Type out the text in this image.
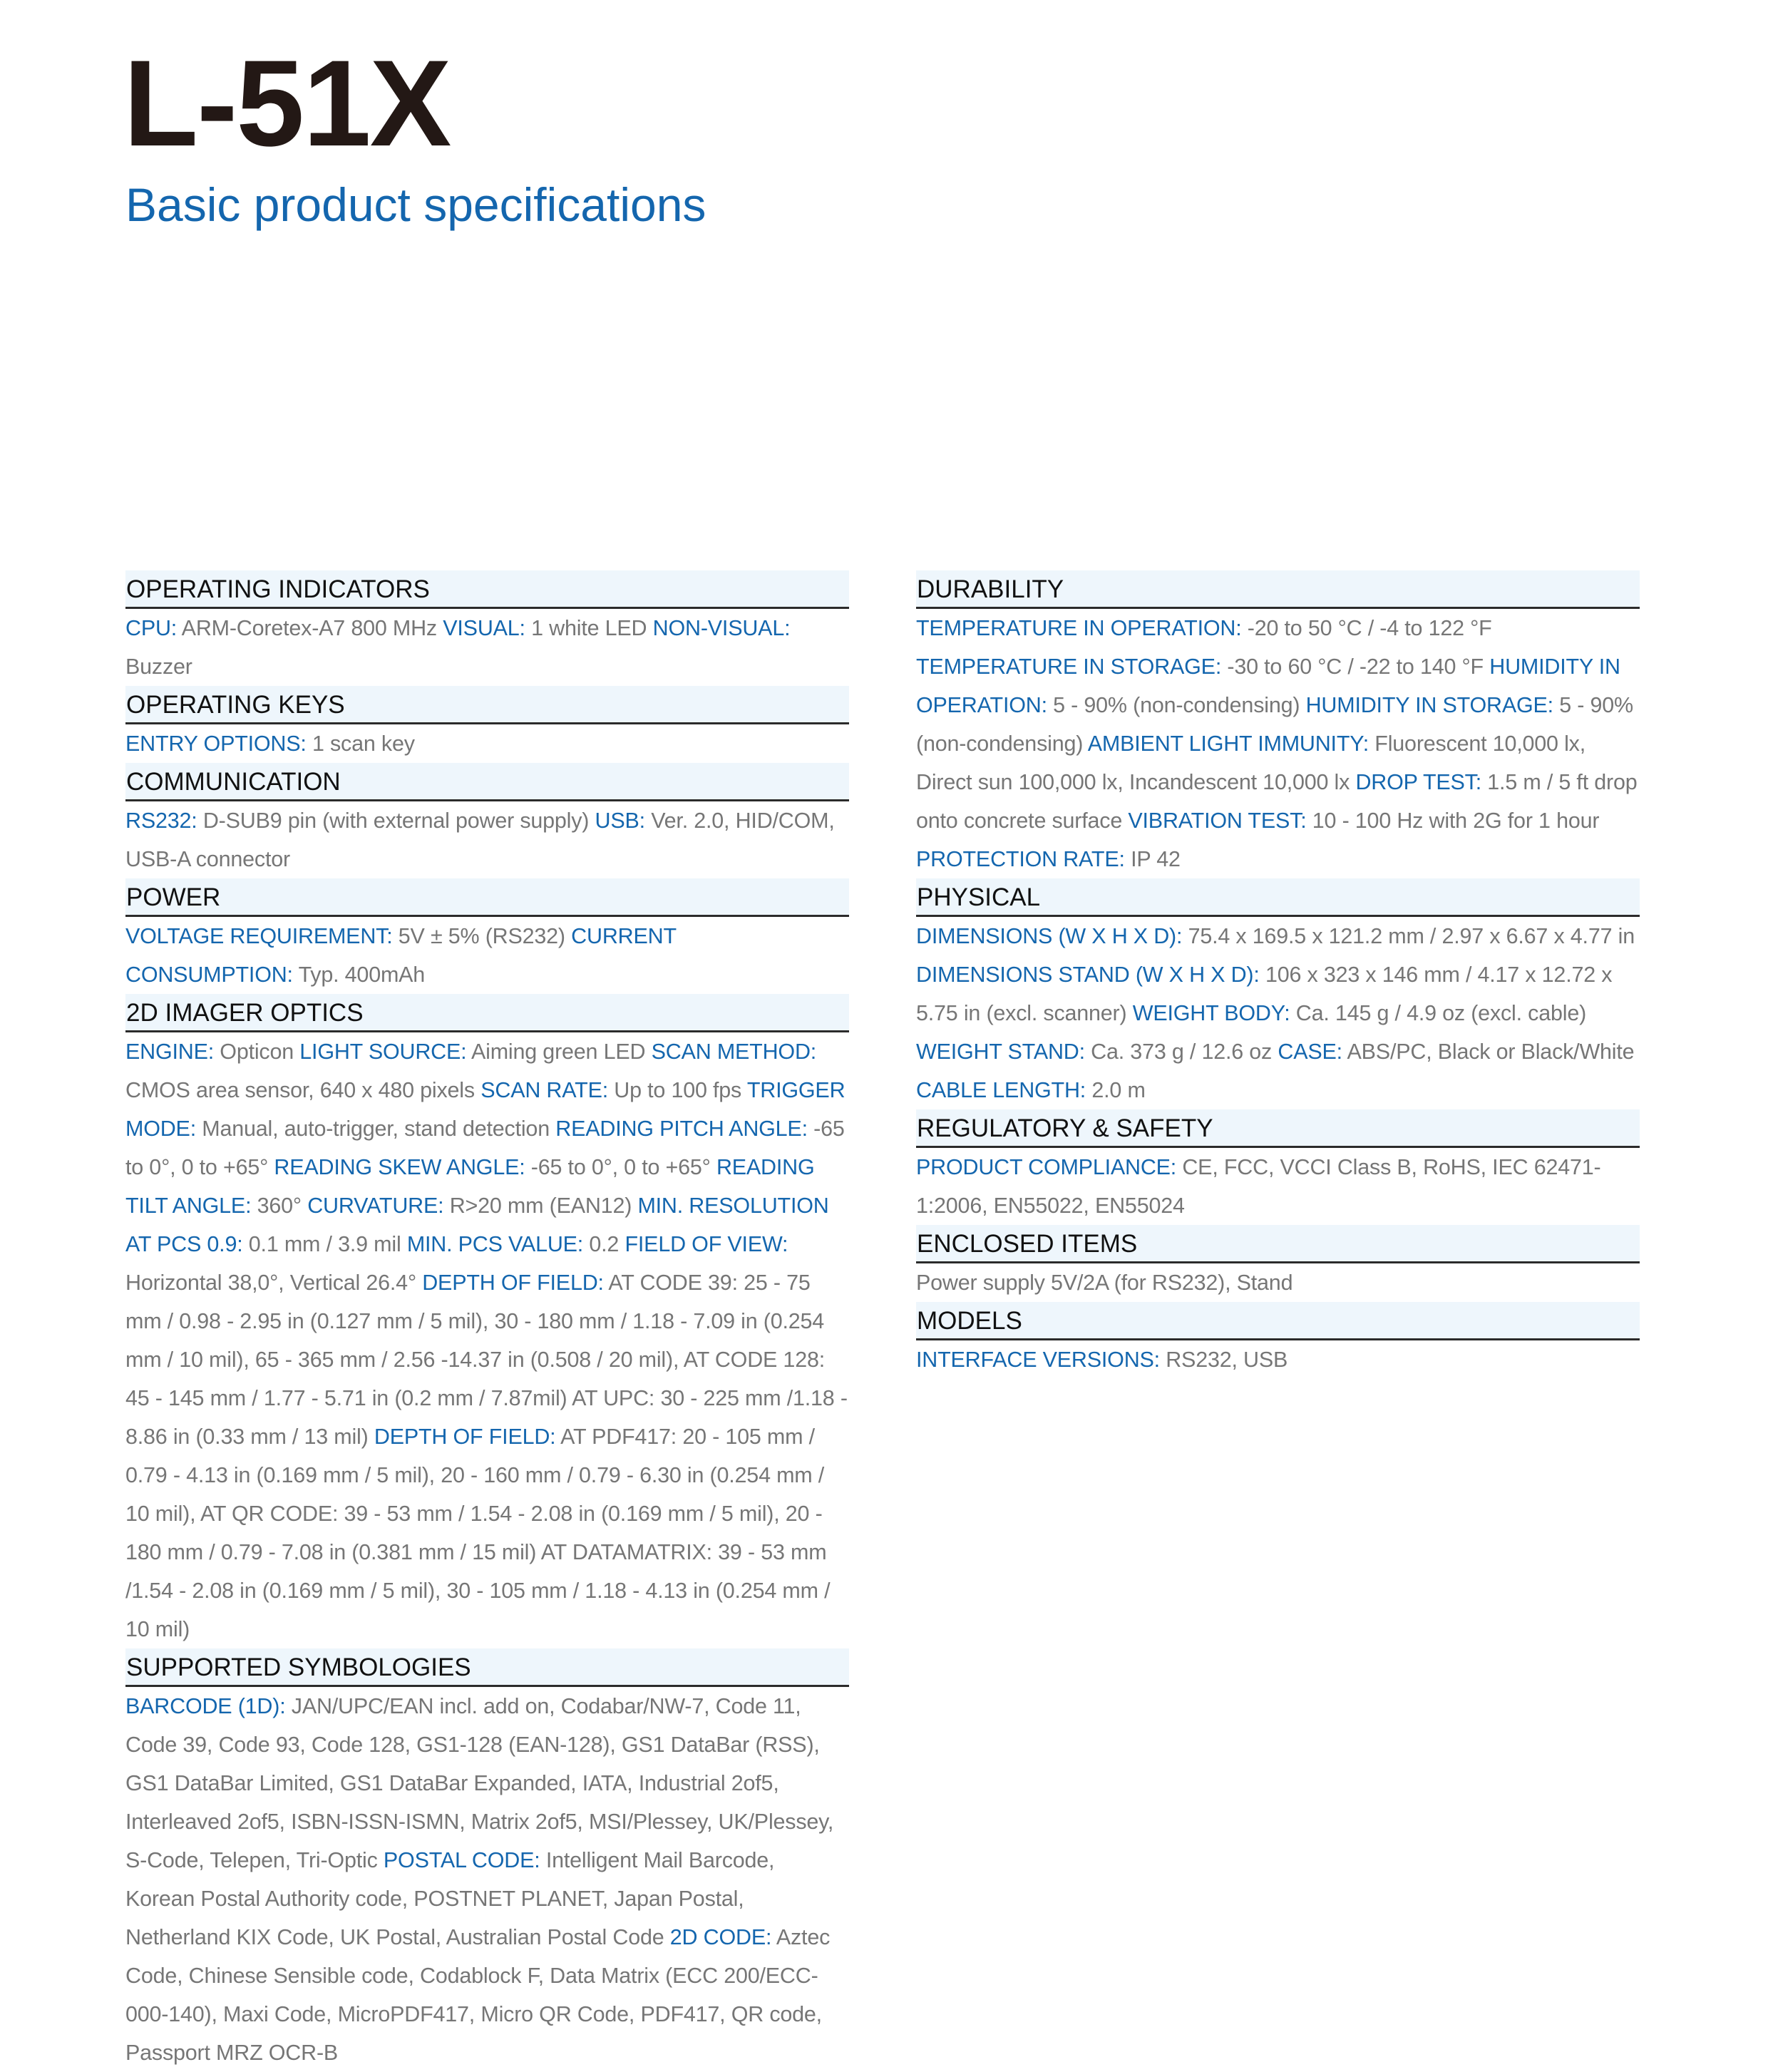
L-51X
Basic product specifications
OPERATING INDICATORS

CPU: ARM-Coretex-A7 800 MHz VISUAL: 1 white LED NON-VISUAL: Buzzer

OPERATING KEYS

ENTRY OPTIONS: 1 scan key

COMMUNICATION

RS232: D-SUB9 pin (with external power supply) USB: Ver. 2.0, HID/COM, USB-A connector

POWER

VOLTAGE REQUIREMENT: 5V ± 5% (RS232) CURRENT CONSUMPTION: Typ. 400mAh

2D IMAGER OPTICS

ENGINE: Opticon LIGHT SOURCE: Aiming green LED SCAN METHOD: CMOS area sensor, 640 x 480 pixels SCAN RATE: Up to 100 fps TRIGGER MODE: Manual, auto-trigger, stand detection READING PITCH ANGLE: -65 to 0°, 0 to +65° READING SKEW ANGLE: -65 to 0°, 0 to +65° READING TILT ANGLE: 360° CURVATURE: R>20 mm (EAN12) MIN. RESOLUTION AT PCS 0.9: 0.1 mm / 3.9 mil MIN. PCS VALUE: 0.2 FIELD OF VIEW: Horizontal 38,0°, Vertical 26.4° DEPTH OF FIELD: AT CODE 39: 25 - 75 mm / 0.98 - 2.95 in (0.127 mm / 5 mil), 30 - 180 mm / 1.18 - 7.09 in (0.254 mm / 10 mil), 65 - 365 mm / 2.56 -14.37 in (0.508 / 20 mil), AT CODE 128: 45 - 145 mm / 1.77 - 5.71 in (0.2 mm / 7.87mil) AT UPC: 30 - 225 mm /1.18 - 8.86 in (0.33 mm / 13 mil) DEPTH OF FIELD: AT PDF417: 20 - 105 mm / 0.79 - 4.13 in (0.169 mm / 5 mil), 20 - 160 mm / 0.79 - 6.30 in (0.254 mm / 10 mil), AT QR CODE: 39 - 53 mm / 1.54 - 2.08 in (0.169 mm / 5 mil), 20 - 180 mm / 0.79 - 7.08 in (0.381 mm / 15 mil) AT DATAMATRIX: 39 - 53 mm /1.54 - 2.08 in (0.169 mm / 5 mil), 30 - 105 mm / 1.18 - 4.13 in (0.254 mm / 10 mil)

SUPPORTED SYMBOLOGIES

BARCODE (1D): JAN/UPC/EAN incl. add on, Codabar/NW-7, Code 11, Code 39, Code 93, Code 128, GS1-128 (EAN-128), GS1 DataBar (RSS), GS1 DataBar Limited, GS1 DataBar Expanded, IATA, Industrial 2of5, Interleaved 2of5, ISBN-ISSN-ISMN, Matrix 2of5, MSI/Plessey, UK/Plessey, S-Code, Telepen, Tri-Optic POSTAL CODE: Intelligent Mail Barcode, Korean Postal Authority code, POSTNET PLANET, Japan Postal, Netherland KIX Code, UK Postal, Australian Postal Code 2D CODE: Aztec Code, Chinese Sensible code, Codablock F, Data Matrix (ECC 200/ECC-000-140), Maxi Code, MicroPDF417, Micro QR Code, PDF417, QR code, Passport MRZ OCR-B

DURABILITY

TEMPERATURE IN OPERATION: -20 to 50 °C / -4 to 122 °F TEMPERATURE IN STORAGE: -30 to 60 °C / -22 to 140 °F HUMIDITY IN OPERATION: 5 - 90% (non-condensing) HUMIDITY IN STORAGE: 5 - 90% (non-condensing) AMBIENT LIGHT IMMUNITY: Fluorescent 10,000 lx, Direct sun 100,000 lx, Incandescent 10,000 lx DROP TEST: 1.5 m / 5 ft drop onto concrete surface VIBRATION TEST: 10 - 100 Hz with 2G for 1 hour PROTECTION RATE: IP 42

PHYSICAL

DIMENSIONS (W X H X D): 75.4 x 169.5 x 121.2 mm / 2.97 x 6.67 x 4.77 in DIMENSIONS STAND (W X H X D): 106 x 323 x 146 mm / 4.17 x 12.72 x 5.75 in (excl. scanner) WEIGHT BODY: Ca. 145 g / 4.9 oz (excl. cable) WEIGHT STAND: Ca. 373 g / 12.6 oz CASE: ABS/PC, Black or Black/White CABLE LENGTH: 2.0 m

REGULATORY & SAFETY

PRODUCT COMPLIANCE: CE, FCC, VCCI Class B, RoHS, IEC 62471-1:2006, EN55022, EN55024

ENCLOSED ITEMS

Power supply 5V/2A (for RS232), Stand

MODELS

INTERFACE VERSIONS: RS232, USB
